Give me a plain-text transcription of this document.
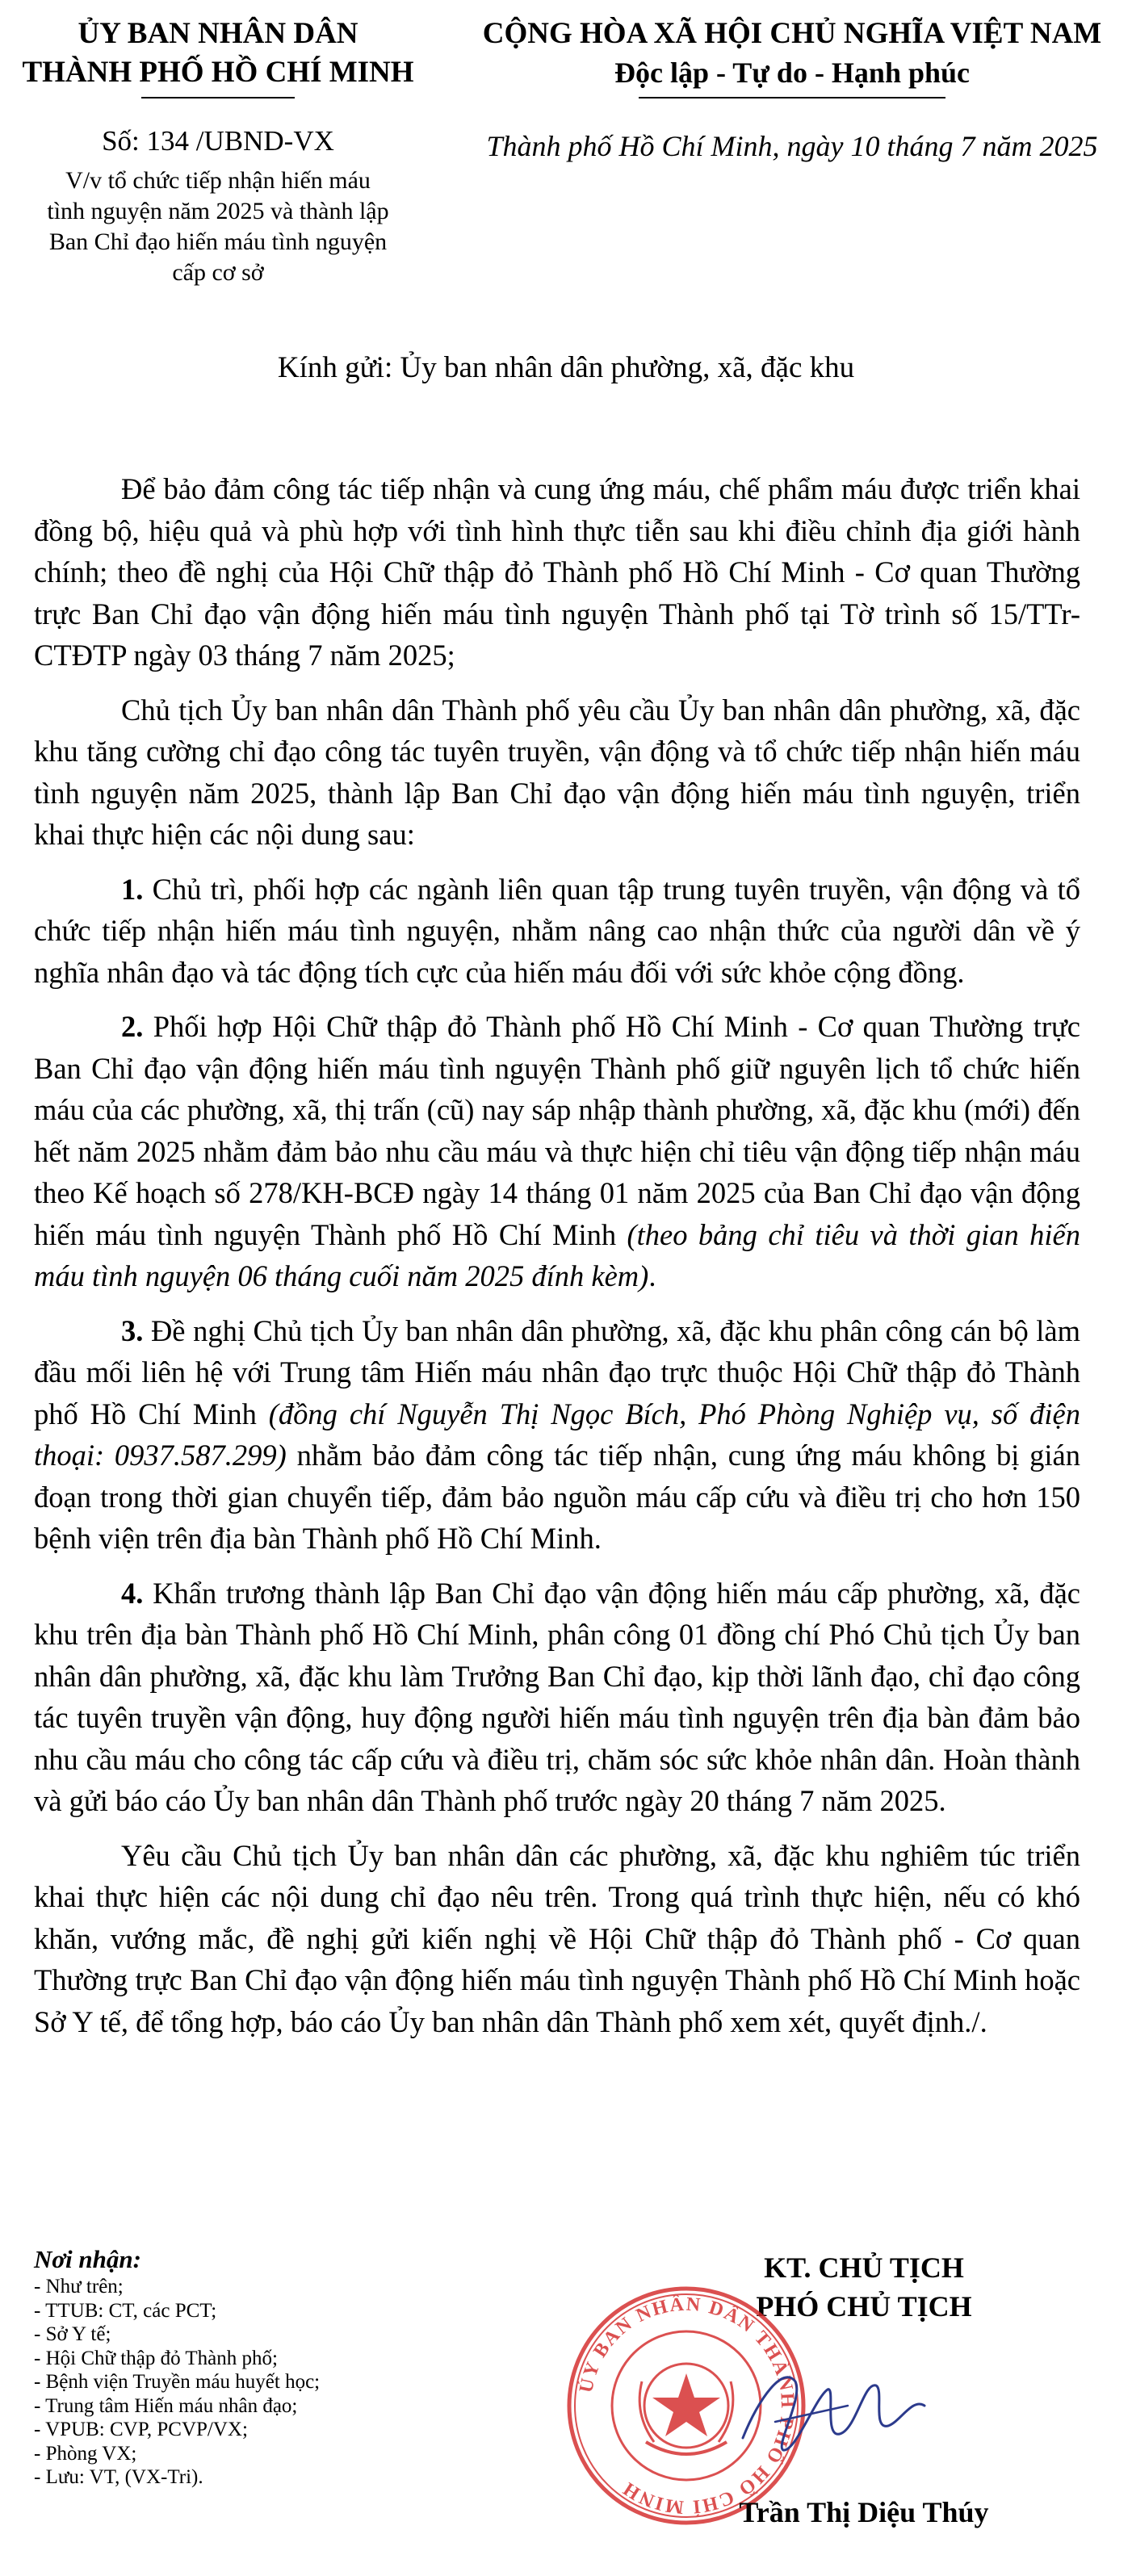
ỦY BAN NHÂN DÂN
THÀNH PHỐ HỒ CHÍ MINH
CỘNG HÒA XÃ HỘI CHỦ NGHĨA VIỆT NAM
Độc lập - Tự do - Hạnh phúc
Số: 134 /UBND-VX
V/v tổ chức tiếp nhận hiến máu
tình nguyện năm 2025 và thành lập
Ban Chỉ đạo hiến máu tình nguyện
cấp cơ sở
Thành phố Hồ Chí Minh, ngày 10 tháng 7 năm 2025
Kính gửi: Ủy ban nhân dân phường, xã, đặc khu

Để bảo đảm công tác tiếp nhận và cung ứng máu, chế phẩm máu được triển khai đồng bộ, hiệu quả và phù hợp với tình hình thực tiễn sau khi điều chỉnh địa giới hành chính; theo đề nghị của Hội Chữ thập đỏ Thành phố Hồ Chí Minh - Cơ quan Thường trực Ban Chỉ đạo vận động hiến máu tình nguyện Thành phố tại Tờ trình số 15/TTr-CTĐTP ngày 03 tháng 7 năm 2025;

Chủ tịch Ủy ban nhân dân Thành phố yêu cầu Ủy ban nhân dân phường, xã, đặc khu tăng cường chỉ đạo công tác tuyên truyền, vận động và tổ chức tiếp nhận hiến máu tình nguyện năm 2025, thành lập Ban Chỉ đạo vận động hiến máu tình nguyện, triển khai thực hiện các nội dung sau:

1. Chủ trì, phối hợp các ngành liên quan tập trung tuyên truyền, vận động và tổ chức tiếp nhận hiến máu tình nguyện, nhằm nâng cao nhận thức của người dân về ý nghĩa nhân đạo và tác động tích cực của hiến máu đối với sức khỏe cộng đồng.

2. Phối hợp Hội Chữ thập đỏ Thành phố Hồ Chí Minh - Cơ quan Thường trực Ban Chỉ đạo vận động hiến máu tình nguyện Thành phố giữ nguyên lịch tổ chức hiến máu của các phường, xã, thị trấn (cũ) nay sáp nhập thành phường, xã, đặc khu (mới) đến hết năm 2025 nhằm đảm bảo nhu cầu máu và thực hiện chỉ tiêu vận động tiếp nhận máu theo Kế hoạch số 278/KH-BCĐ ngày 14 tháng 01 năm 2025 của Ban Chỉ đạo vận động hiến máu tình nguyện Thành phố Hồ Chí Minh (theo bảng chỉ tiêu và thời gian hiến máu tình nguyện 06 tháng cuối năm 2025 đính kèm).

3. Đề nghị Chủ tịch Ủy ban nhân dân phường, xã, đặc khu phân công cán bộ làm đầu mối liên hệ với Trung tâm Hiến máu nhân đạo trực thuộc Hội Chữ thập đỏ Thành phố Hồ Chí Minh (đồng chí Nguyễn Thị Ngọc Bích, Phó Phòng Nghiệp vụ, số điện thoại: 0937.587.299) nhằm bảo đảm công tác tiếp nhận, cung ứng máu không bị gián đoạn trong thời gian chuyển tiếp, đảm bảo nguồn máu cấp cứu và điều trị cho hơn 150 bệnh viện trên địa bàn Thành phố Hồ Chí Minh.

4. Khẩn trương thành lập Ban Chỉ đạo vận động hiến máu cấp phường, xã, đặc khu trên địa bàn Thành phố Hồ Chí Minh, phân công 01 đồng chí Phó Chủ tịch Ủy ban nhân dân phường, xã, đặc khu làm Trưởng Ban Chỉ đạo, kịp thời lãnh đạo, chỉ đạo công tác tuyên truyền vận động, huy động người hiến máu tình nguyện trên địa bàn đảm bảo nhu cầu máu cho công tác cấp cứu và điều trị, chăm sóc sức khỏe nhân dân. Hoàn thành và gửi báo cáo Ủy ban nhân dân Thành phố trước ngày 20 tháng 7 năm 2025.

Yêu cầu Chủ tịch Ủy ban nhân dân các phường, xã, đặc khu nghiêm túc triển khai thực hiện các nội dung chỉ đạo nêu trên. Trong quá trình thực hiện, nếu có khó khăn, vướng mắc, đề nghị gửi kiến nghị về Hội Chữ thập đỏ Thành phố - Cơ quan Thường trực Ban Chỉ đạo vận động hiến máu tình nguyện Thành phố Hồ Chí Minh hoặc Sở Y tế, để tổng hợp, báo cáo Ủy ban nhân dân Thành phố xem xét, quyết định./.

Nơi nhận:
- Như trên;
- TTUB: CT, các PCT;
- Sở Y tế;
- Hội Chữ thập đỏ Thành phố;
- Bệnh viện Truyền máu huyết học;
- Trung tâm Hiến máu nhân đạo;
- VPUB: CVP, PCVP/VX;
- Phòng VX;
- Lưu: VT, (VX-Tri).
KT. CHỦ TỊCH
PHÓ CHỦ TỊCH
ỦY BAN NHÂN DÂN THÀNH PHỐ HỒ CHÍ MINH
Trần Thị Diệu Thúy
